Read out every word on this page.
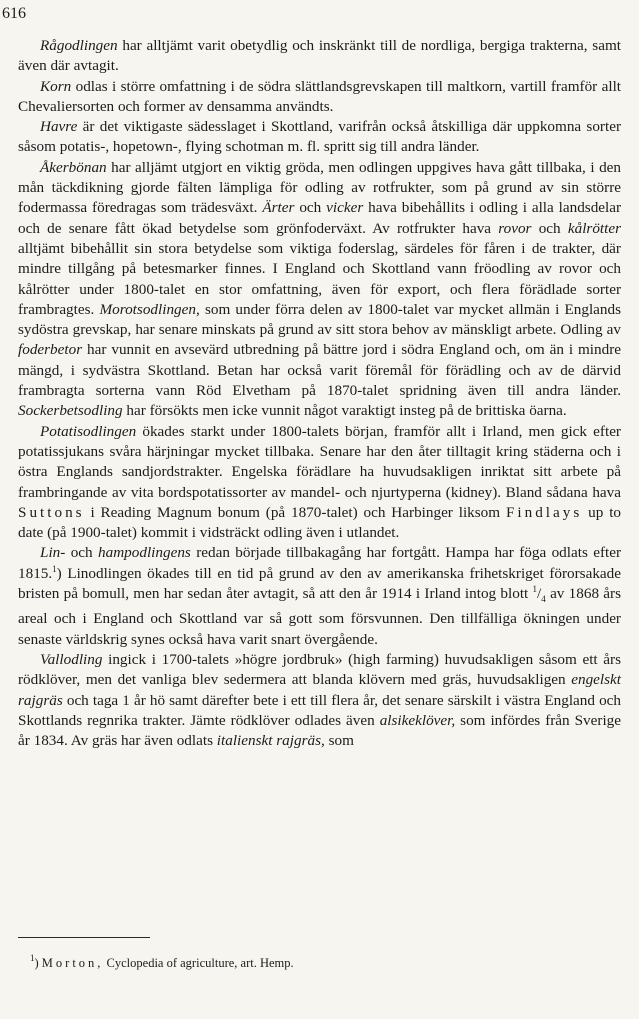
616

Rågodlingen har alltjämt varit obetydlig och inskränkt till de nordliga, bergiga trakterna, samt även där avtagit.

Korn odlas i större omfattning i de södra slättlandsgrevskapen till maltkorn, vartill framför allt Chevaliersorten och former av densamma användts.

Havre är det viktigaste sädesslaget i Skottland, varifrån också åtskilliga där uppkomna sorter såsom potatis-, hopetown-, flying schotman m. fl. spritt sig till andra länder.

Åkerbönan har alljämt utgjort en viktig gröda, men odlingen uppgives hava gått tillbaka, i den mån täckdikning gjorde fälten lämpliga för odling av rotfrukter, som på grund av sin större fodermassa föredragas som trädesväxt. Ärter och vicker hava bibehållits i odling i alla landsdelar och de senare fått ökad betydelse som grönfoderväxt. Av rotfrukter hava rovor och kålrötter alltjämt bibehållit sin stora betydelse som viktiga foderslag, särdeles för fåren i de trakter, där mindre tillgång på betesmarker finnes. I England och Skottland vann fröodling av rovor och kålrötter under 1800-talet en stor omfattning, även för export, och flera förädlade sorter frambragtes. Morotsodlingen, som under förra delen av 1800-talet var mycket allmän i Englands sydöstra grevskap, har senare minskats på grund av sitt stora behov av mänskligt arbete. Odling av foderbetor har vunnit en avsevärd utbredning på bättre jord i södra England och, om än i mindre mängd, i sydvästra Skottland. Betan har också varit föremål för förädling och av de därvid frambragta sorterna vann Röd Elvetham på 1870-talet spridning även till andra länder. Sockerbetsodling har försökts men icke vunnit något varaktigt insteg på de brittiska öarna.

Potatisodlingen ökades starkt under 1800-talets början, framför allt i Irland, men gick efter potatissjukans svåra härjningar mycket tillbaka. Senare har den åter tilltagit kring städerna och i östra Englands sandjordstrakter. Engelska förädlare ha huvudsakligen inriktat sitt arbete på frambringande av vita bordspotatissorter av mandel- och njurtyperna (kidney). Bland sådana hava Suttons i Reading Magnum bonum (på 1870-talet) och Harbinger liksom Findlays up to date (på 1900-talet) kommit i vidsträckt odling även i utlandet.

Lin- och hampodlingens redan började tillbakagång har fortgått. Hampa har föga odlats efter 1815.$^1$) Linodlingen ökades till en tid på grund av den av amerikanska frihetskriget förorsakade bristen på bomull, men har sedan åter avtagit, så att den år 1914 i Irland intog blott $^1/_4$ av 1868 års areal och i England och Skottland var så gott som försvunnen. Den tillfälliga ökningen under senaste världskrig synes också hava varit snart övergående.

Vallodling ingick i 1700-talets »högre jordbruk» (high farming) huvudsakligen såsom ett års rödklöver, men det vanliga blev sedermera att blanda klövern med gräs, huvudsakligen engelskt rajgräs och taga 1 år hö samt därefter bete i ett till flera år, det senare särskilt i västra England och Skottlands regnrika trakter. Jämte rödklöver odlades även alsikeklöver, som infördes från Sverige år 1834. Av gräs har även odlats italienskt rajgräs, som

$^1$) Morton, Cyclopedia of agriculture, art. Hemp.
